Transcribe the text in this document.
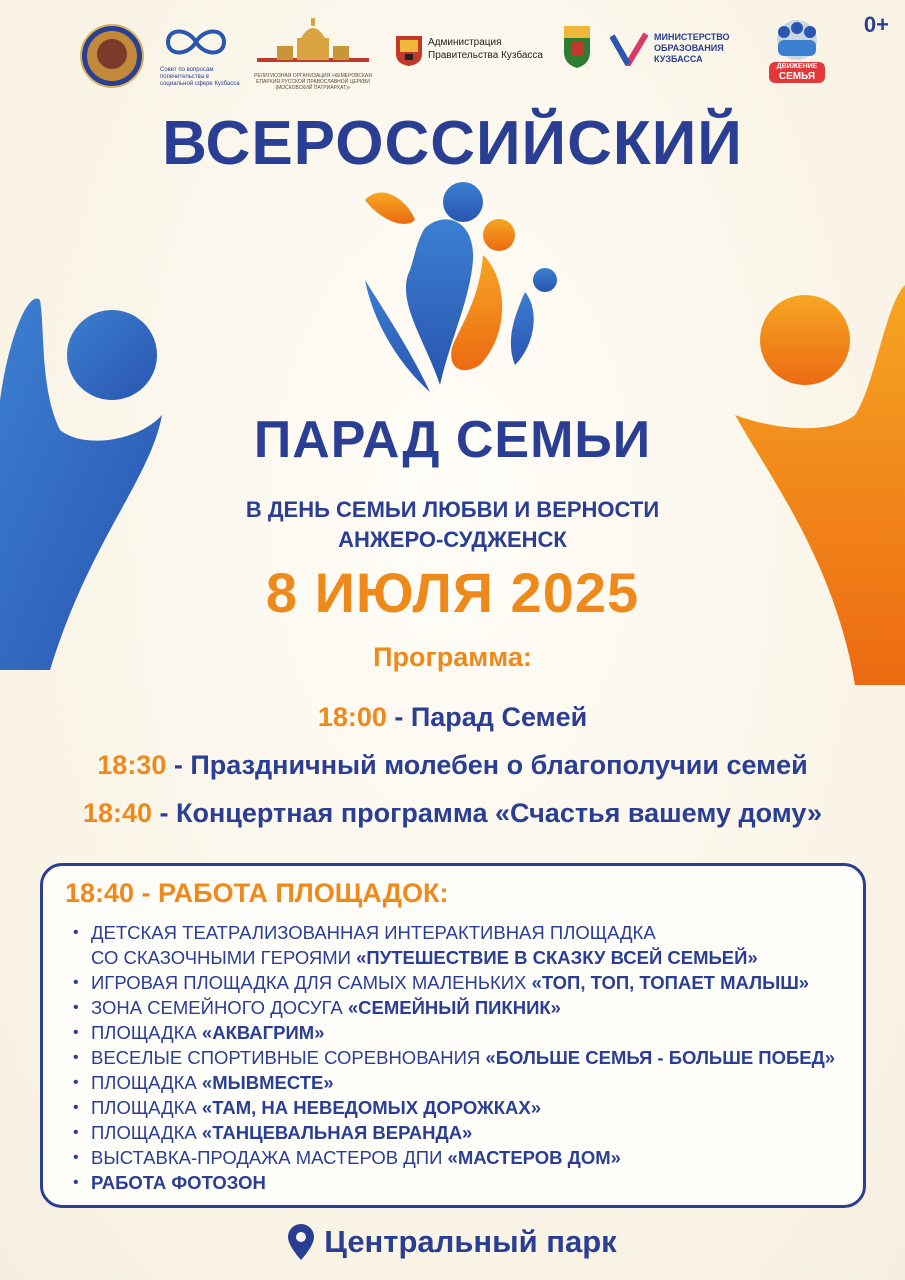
0+
Совет по вопросам попечительства в социальной сфере Кузбасса
РЕЛИГИОЗНАЯ ОРГАНИЗАЦИЯ «КЕМЕРОВСКАЯ ЕПАРХИЯ РУССКОЙ ПРАВОСЛАВНОЙ ЦЕРКВИ (МОСКОВСКИЙ ПАТРИАРХАТ)»
Администрация
Правительства Кузбасса
МИНИСТЕРСТВО
ОБРАЗОВАНИЯ
КУЗБАССА
ДВИЖЕНИЕ
СЕМЬЯ
ВСЕРОССИЙСКИЙ
ПАРАД СЕМЬИ
В ДЕНЬ СЕМЬИ ЛЮБВИ И ВЕРНОСТИ
АНЖЕРО-СУДЖЕНСК
8 ИЮЛЯ 2025
Программа:
18:00 - Парад Семей
18:30 - Праздничный молебен о благополучии семей
18:40 - Концертная программа «Счастья вашему дому»
18:40 - РАБОТА ПЛОЩАДОК:
• ДЕТСКАЯ ТЕАТРАЛИЗОВАННАЯ ИНТЕРАКТИВНАЯ ПЛОЩАДКА
СО СКАЗОЧНЫМИ ГЕРОЯМИ «ПУТЕШЕСТВИЕ В СКАЗКУ ВСЕЙ СЕМЬЕЙ»
• ИГРОВАЯ ПЛОЩАДКА ДЛЯ САМЫХ МАЛЕНЬКИХ «ТОП, ТОП, ТОПАЕТ МАЛЫШ»
• ЗОНА СЕМЕЙНОГО ДОСУГА «СЕМЕЙНЫЙ ПИКНИК»
• ПЛОЩАДКА «АКВАГРИМ»
• ВЕСЕЛЫЕ СПОРТИВНЫЕ СОРЕВНОВАНИЯ «БОЛЬШЕ СЕМЬЯ - БОЛЬШЕ ПОБЕД»
• ПЛОЩАДКА «МЫВМЕСТЕ»
• ПЛОЩАДКА «ТАМ, НА НЕВЕДОМЫХ ДОРОЖКАХ»
• ПЛОЩАДКА «ТАНЦЕВАЛЬНАЯ ВЕРАНДА»
• ВЫСТАВКА-ПРОДАЖА МАСТЕРОВ ДПИ «МАСТЕРОВ ДОМ»
• РАБОТА ФОТОЗОН
Центральный парк
